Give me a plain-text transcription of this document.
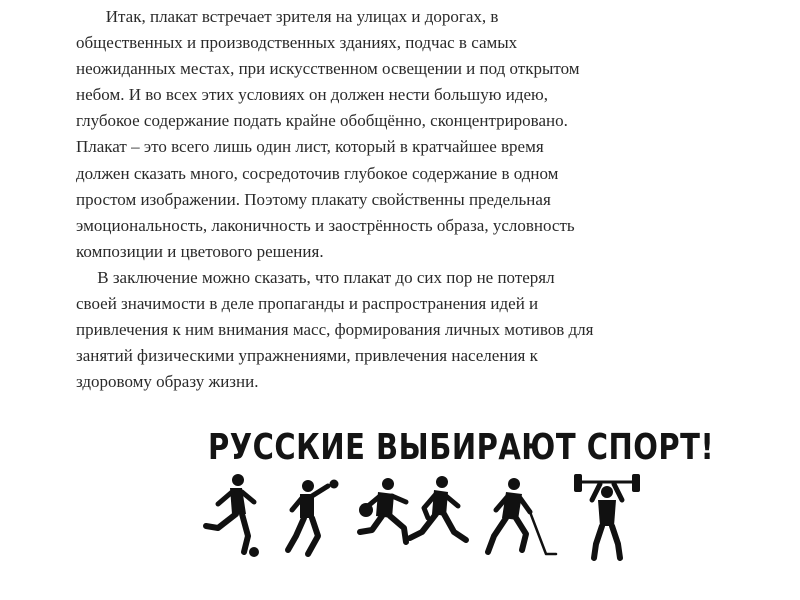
Итак, плакат встречает зрителя на улицах и дорогах, в
общественных и производственных зданиях, подчас в самых
неожиданных местах, при искусственном освещении и под открытом
небом. И во всех этих условиях он должен нести большую идею,
глубокое содержание подать крайне обобщённо, сконцентрировано.
Плакат – это всего лишь один лист, который в кратчайшее время
должен сказать много, сосредоточив глубокое содержание в одном
простом изображении. Поэтому плакату свойственны предельная
эмоциональность, лаконичность и заострённость образа, условность
композиции и цветового решения.
В заключение можно сказать, что плакат до сих пор не потерял
своей значимости в деле пропаганды и распространения идей и
привлечения к ним внимания масс, формирования личных мотивов для
занятий физическими упражнениями, привлечения населения к
здоровому образу жизни.
РУССКИЕ ВЫБИРАЮТ СПОРТ!
